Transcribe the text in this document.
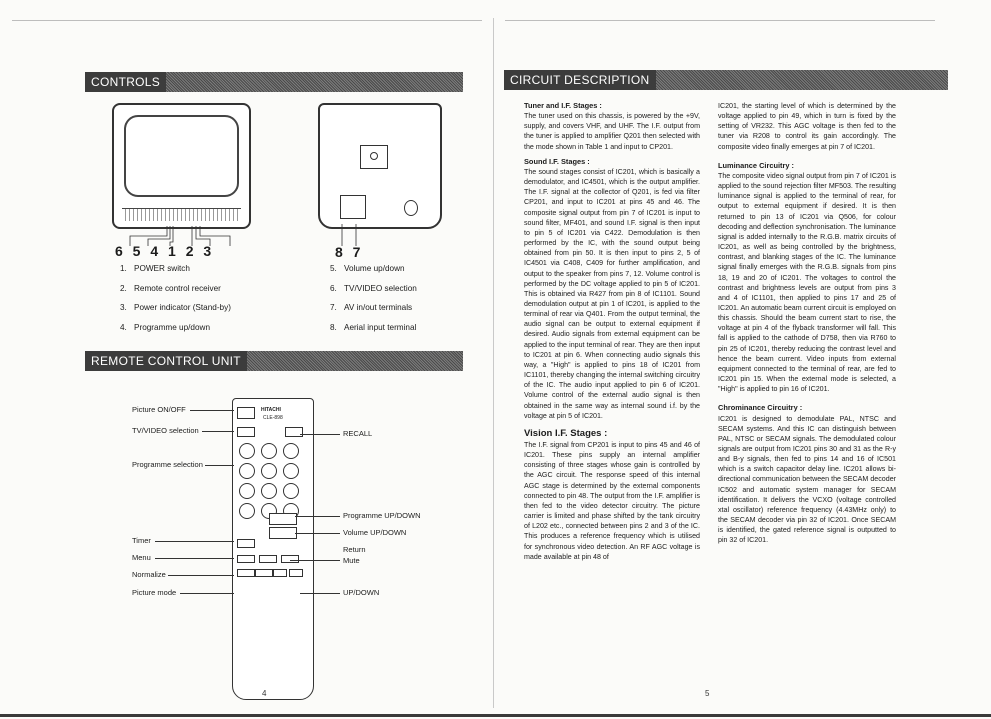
CONTROLS
6 5 4 1 2 3	8 7
1. POWER switch
2. Remote control receiver
3. Power indicator (Stand-by)
4. Programme up/down
5. Volume up/down
6. TV/VIDEO selection
7. AV in/out terminals
8. Aerial input terminal
REMOTE CONTROL UNIT
HITACHI
CLE-898
Picture ON/OFF
TV/VIDEO selection
Programme selection
Timer
Menu
Normalize
Picture mode
RECALL
Programme UP/DOWN
Volume UP/DOWN
Return
Mute
UP/DOWN
4
CIRCUIT DESCRIPTION
Tuner and I.F. Stages :

The tuner used on this chassis, is powered by the +9V, supply, and covers VHF, and UHF. The I.F. output from the tuner is applied to amplifier Q201 then selected with the mode shown in Table 1 and input to CP201.

Sound I.F. Stages :

The sound stages consist of IC201, which is basically a demodulator, and IC4501, which is the output amplifier. The I.F. signal at the collector of Q201, is fed via filter CP201, and input to IC201 at pins 45 and 46. The composite signal output from pin 7 of IC201 is input to sound filter, MF401, and sound I.F. signal is then input to pin 5 of IC201 via C422. Demodulation is then performed by the IC, with the sound output being obtained from pin 50. It is then input to pins 2, 5 of IC4501 via C408, C409 for further amplification, and output to the speaker from pins 7, 12. Volume control is performed by the DC voltage applied to pin 5 of IC201. This is obtained via R427 from pin 8 of IC1101. Sound demodulation output at pin 1 of IC201, is applied to the terminal of rear via Q401. From the output terminal, the audio signal can be output to external equipment if desired. Audio signals from external equipment can be applied to the input terminal of rear. They are then input to IC201 at pin 6. When connecting audio signals this way, a "High" is applied to pins 18 of IC201 from IC1101, thereby changing the internal switching circuitry of the IC. The audio input applied to pin 6 of IC201. Volume control of the external audio signal is then obtained in the same way as internal sound i.f. by the voltage at pin 5 of IC201.

Vision I.F. Stages :

The I.F. signal from CP201 is input to pins 45 and 46 of IC201. These pins supply an internal amplifier consisting of three stages whose gain is controlled by the AGC circuit. The response speed of this internal AGC stage is determined by the external components connected to pin 48. The output from the I.F. amplifier is then fed to the video detector circuitry. The picture carrier is limited and phase shifted by the tank circuitry of L202 etc., connected between pins 2 and 3 of the IC. This produces a reference frequency which is utilised for synchronous video detection. An RF AGC voltage is made available at pin 48 of

IC201, the starting level of which is determined by the voltage applied to pin 49, which in turn is fixed by the setting of VR232. This AGC voltage is then fed to the tuner via R208 to control its gain accordingly. The composite video finally emerges at pin 7 of IC201.

Luminance Circuitry :

The composite video signal output from pin 7 of IC201 is applied to the sound rejection filter MF503. The resulting luminance signal is applied to the terminal of rear, for output to external equipment if desired. It is then returned to pin 13 of IC201 via Q506, for colour decoding and deflection synchronisation. The luminance signal is added internally to the R.G.B. matrix circuits of IC201, as well as being controlled by the brightness, contrast, and blanking stages of the IC. The luminance signal finally emerges with the R.G.B. signals from pins 18, 19 and 20 of IC201. The voltages to control the contrast and brightness levels are output from pins 3 and 4 of IC1101, then applied to pins 17 and 25 of IC201. An automatic beam current circuit is employed on this chassis. Should the beam current start to rise, the voltage at pin 4 of the flyback transformer will fall. This fall is applied to the cathode of D758, then via R760 to pin 25 of IC201, thereby reducing the contrast level and hence the beam current. Video inputs from external equipment connected to the terminal of rear, are fed to IC201 pin 15. When the external mode is selected, a "High" is applied to pin 16 of IC201.

Chrominance Circuitry :

IC201 is designed to demodulate PAL, NTSC and SECAM systems. And this IC can distinguish between PAL, NTSC or SECAM signals. The demodulated colour signals are output from IC201 pins 30 and 31 as the R-y and B-y signals, then fed to pins 14 and 16 of IC501 which is a switch capacitor delay line. IC201 allows bi-directional communication between the SECAM decoder IC502 and automatic system manager for SECAM identification. It delivers the VCXO (voltage controlled xtal oscillator) reference frequency (4.43MHz only) to the SECAM decoder via pin 32 of IC201. Once SECAM is identified, the gated reference signal is outputted to pin 32 of IC201.

5
